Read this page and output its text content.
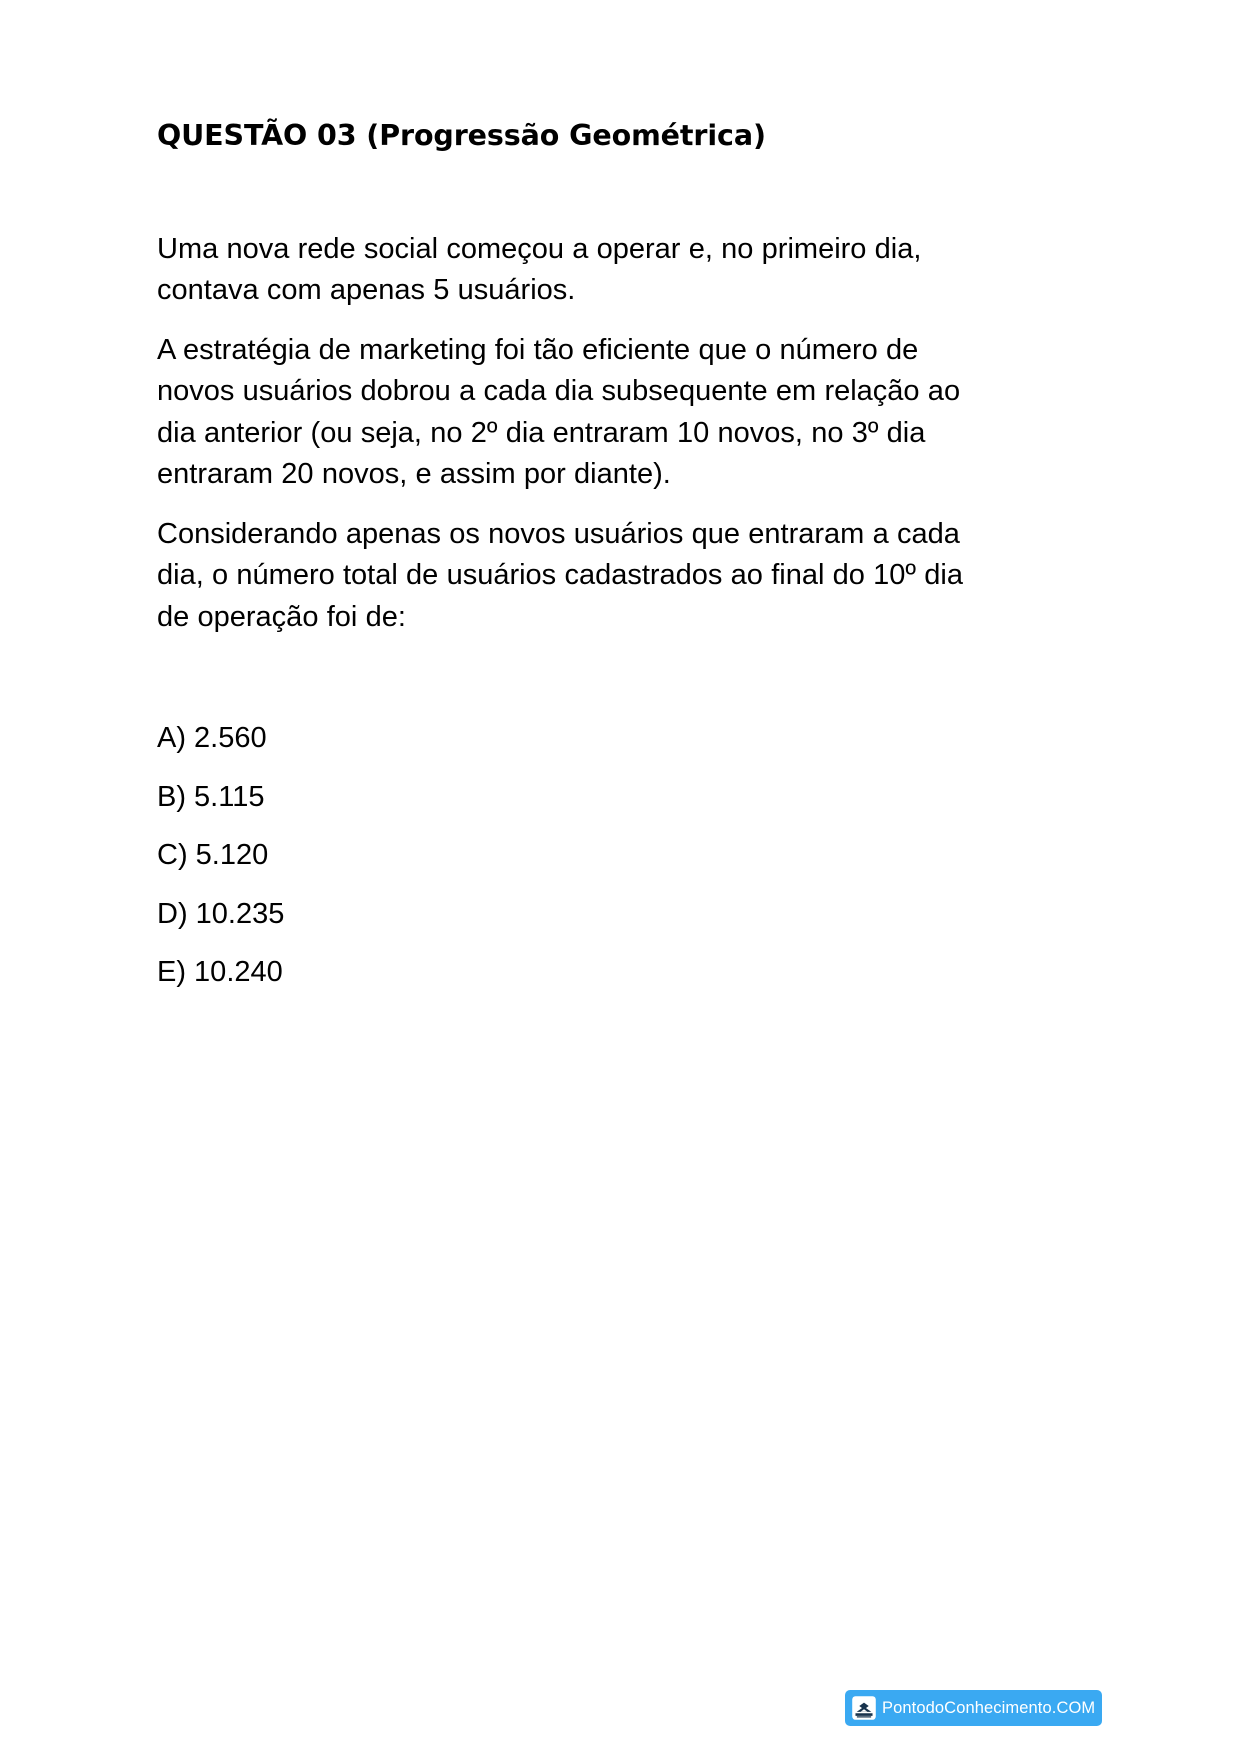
QUESTÃO 03 (Progressão Geométrica)

Uma nova rede social começou a operar e, no primeiro dia, contava com apenas 5 usuários.

A estratégia de marketing foi tão eficiente que o número de novos usuários dobrou a cada dia subsequente em relação ao dia anterior (ou seja, no 2º dia entraram 10 novos, no 3º dia entraram 20 novos, e assim por diante).

Considerando apenas os novos usuários que entraram a cada dia, o número total de usuários cadastrados ao final do 10º dia de operação foi de:

A) 2.560
B) 5.115
C) 5.120
D) 10.235
E) 10.240
PontodoConhecimento.COM
